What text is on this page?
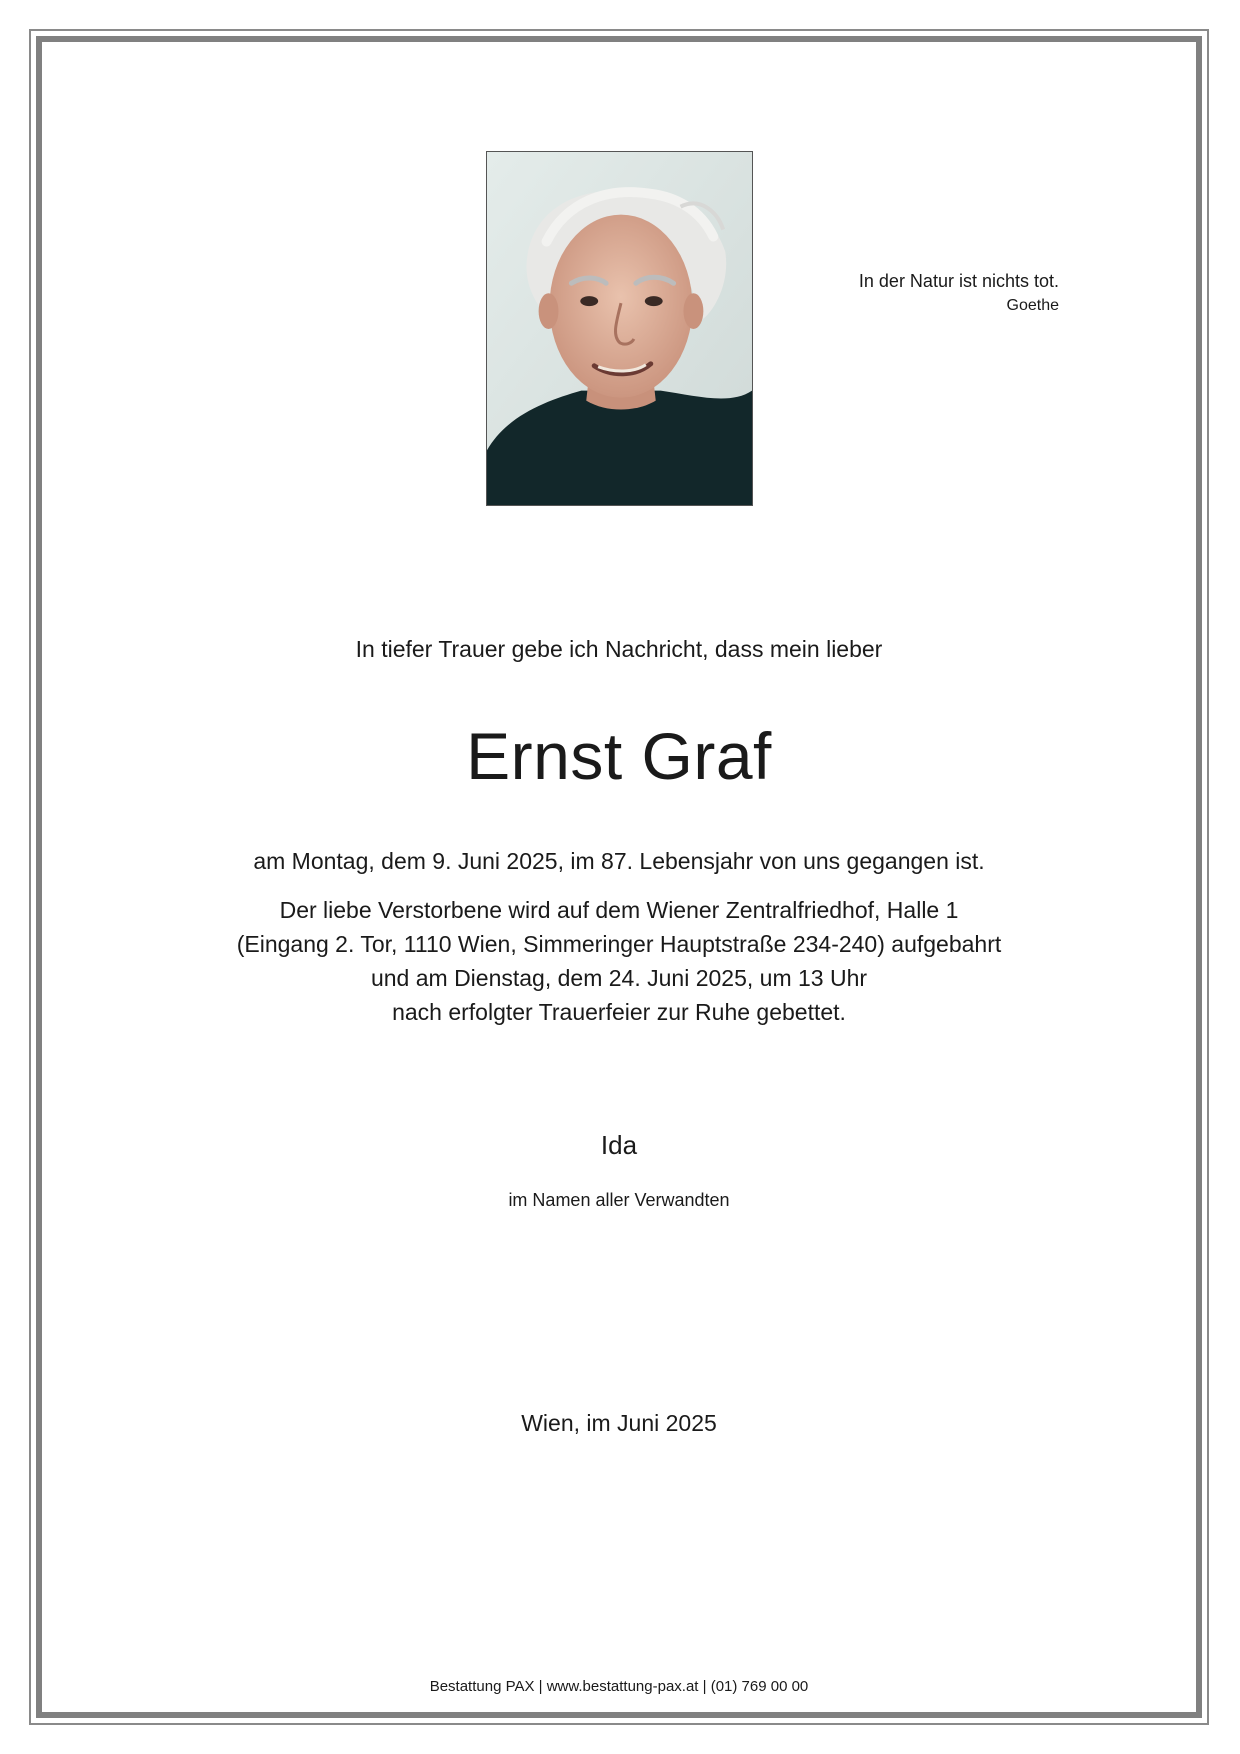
In der Natur ist nichts tot.
Goethe
In tiefer Trauer gebe ich Nachricht, dass mein lieber
Ernst Graf
am Montag, dem 9. Juni 2025, im 87. Lebensjahr von uns gegangen ist.
Der liebe Verstorbene wird auf dem Wiener Zentralfriedhof, Halle 1
(Eingang 2. Tor, 1110 Wien, Simmeringer Hauptstraße 234-240) aufgebahrt
und am Dienstag, dem 24. Juni 2025, um 13 Uhr
nach erfolgter Trauerfeier zur Ruhe gebettet.
Ida
im Namen aller Verwandten
Wien, im Juni 2025
Bestattung PAX | www.bestattung-pax.at | (01) 769 00 00
